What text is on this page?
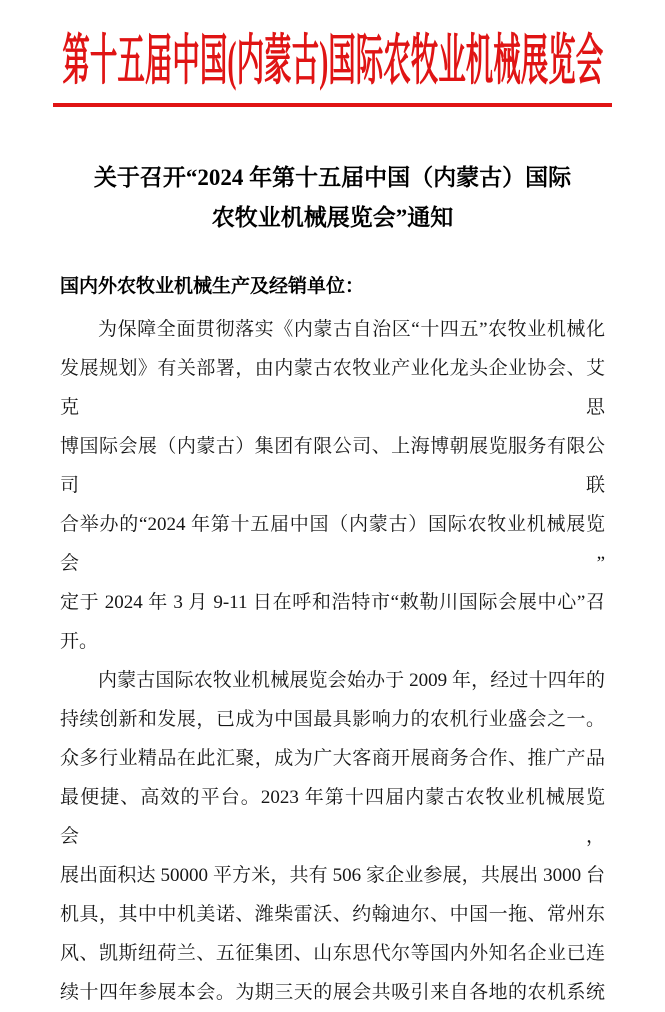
第十五届中国(内蒙古)国际农牧业机械展览会
关于召开“2024 年第十五届中国（内蒙古）国际
农牧业机械展览会”通知
国内外农牧业机械生产及经销单位：
为保障全面贯彻落实《内蒙古自治区“十四五”农牧业机械化
发展规划》有关部署，由内蒙古农牧业产业化龙头企业协会、艾克思
博国际会展（内蒙古）集团有限公司、上海博朝展览服务有限公司联
合举办的“2024 年第十五届中国（内蒙古）国际农牧业机械展览会”
定于 2024 年 3 月 9-11 日在呼和浩特市“敕勒川国际会展中心”召
开。
内蒙古国际农牧业机械展览会始办于 2009 年，经过十四年的
持续创新和发展，已成为中国最具影响力的农机行业盛会之一。
众多行业精品在此汇聚，成为广大客商开展商务合作、推广产品
最便捷、高效的平台。2023 年第十四届内蒙古农牧业机械展览会，
展出面积达 50000 平方米，共有 506 家企业参展，共展出 3000 台
机具，其中中机美诺、潍柴雷沃、约翰迪尔、中国一拖、常州东
风、凯斯纽荷兰、五征集团、山东思代尔等国内外知名企业已连
续十四年参展本会。为期三天的展会共吸引来自各地的农机系统
